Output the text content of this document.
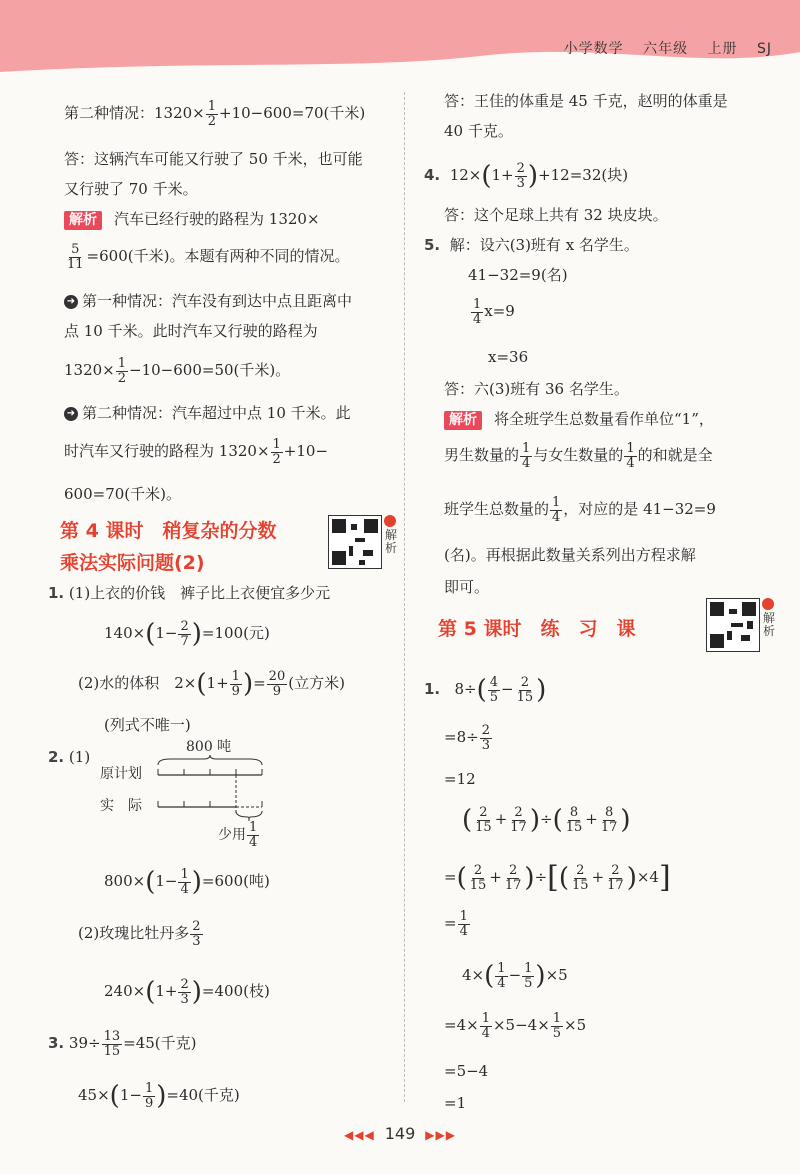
小学数学 六年级 上册 SJ
第二种情况：$1320\times \frac{1}{2} +10-600=70$(千米)
答：这辆汽车可能又行驶了 50 千米，也可能
又行驶了 70 千米。
解析 汽车已经行驶的路程为 1320×
$\frac{5}{11} =600$(千米)。本题有两种不同的情况。
➜ 第一种情况：汽车没有到达中点且距离中
点 10 千米。此时汽车又行驶的路程为
$1320\times \frac{1}{2} -10-600=50$(千米)。
➜ 第二种情况：汽车超过中点 10 千米。此
时汽车又行驶的路程为 $1320\times \frac{1}{2} +10-$
600=70(千米)。
第 4 课时　稍复杂的分数
乘法实际问题(2)
解析
1. (1)上衣的价钱　裤子比上衣便宜多少元
$140\times(1- \frac{2}{7} )=100$(元)
(2)水的体积　$2\times(1+ \frac{1}{9}$ )= $\frac{20}{9}$ (立方米)
(列式不唯一)
2. (1)
800 吨
原计划
实　际
少用 $\frac{1}{4}$
$800\times(1- \frac{1}{4} )=600$(吨)
(2)玫瑰比牡丹多 $\frac{2}{3}$
$240\times(1+ \frac{2}{3} )=400$(枝)
3. $39\div \frac{13}{15} =45$(千克)
$45\times(1- \frac{1}{9} )=40$(千克)
答：王佳的体重是 45 千克，赵明的体重是
40 千克。
4. $12\times(1+ \frac{2}{3} )+12=32$(块)
答：这个足球上共有 32 块皮块。
5. 解：设六(3)班有 x 名学生。
41−32=9(名)
$\frac{1}{4} x=9$
x=36
答：六(3)班有 36 名学生。
解析 将全班学生总数量看作单位“1”，
男生数量的 $\frac{1}{4}$ 与女生数量的 $\frac{1}{4}$ 的和就是全
班学生总数量的 $\frac{1}{4}$ ，对应的是 41−32=9
(名)。再根据此数量关系列出方程求解
即可。
第 5 课时　练　习　课	解析
1. $8\div( \frac{4}{5} - \frac{2}{15}$ )
$=8\div \frac{2}{3}$
=12
( $\frac{2}{15} + \frac{2}{17}$ )÷( $\frac{8}{15} + \frac{8}{17}$ )
=( $\frac{2}{15} + \frac{2}{17}$ )÷[( $\frac{2}{15} + \frac{2}{17} )\times 4$]
= $\frac{1}{4}$
$4\times( \frac{1}{4} - \frac{1}{5} )\times 5$
$=4\times \frac{1}{4} \times 5-4\times \frac{1}{5} \times 5$
=5−4
=1
◀◀◀ 149 ▶▶▶
